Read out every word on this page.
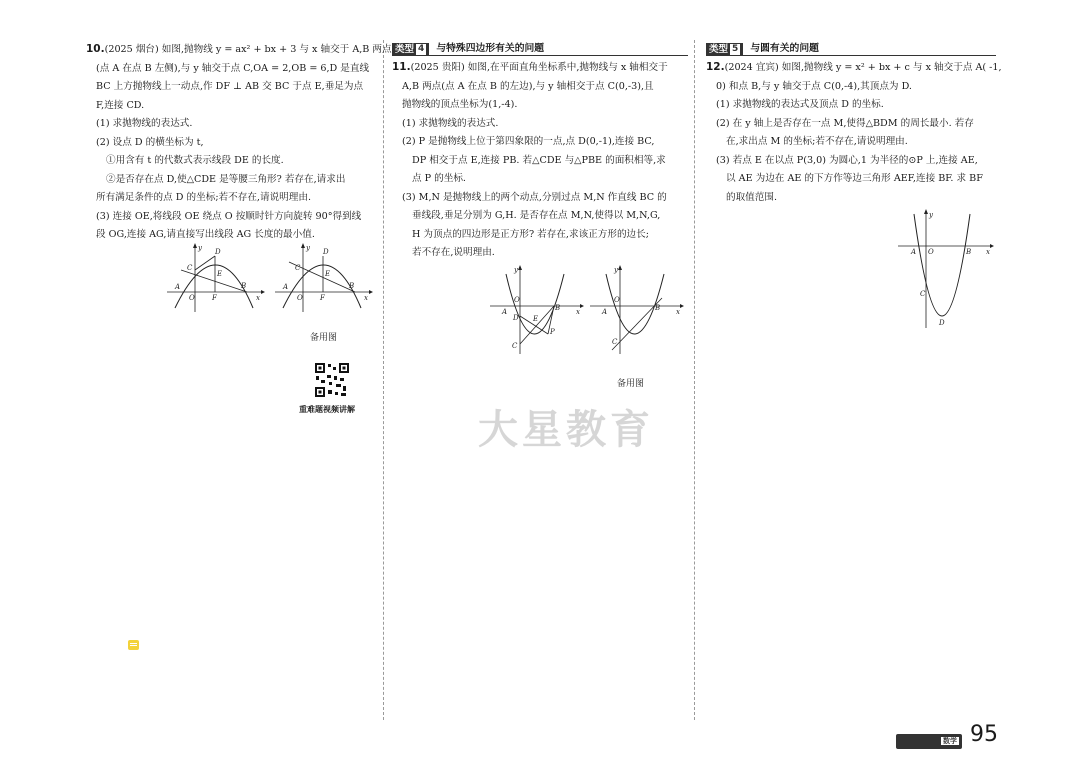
10.(2025 烟台) 如图,抛物线 y = ax² + bx + 3 与 x 轴交于 A,B 两点

(点 A 在点 B 左侧),与 y 轴交于点 C,OA = 2,OB = 6,D 是直线

BC 上方抛物线上一动点,作 DF ⊥ AB 交 BC 于点 E,垂足为点

F,连接 CD.

(1) 求抛物线的表达式.

(2) 设点 D 的横坐标为 t,

①用含有 t 的代数式表示线段 DE 的长度.

②是否存在点 D,使△CDE 是等腰三角形? 若存在,请求出

所有满足条件的点 D 的坐标;若不存在,请说明理由.

(3) 连接 OE,将线段 OE 绕点 O 按顺时针方向旋转 90°得到线

段 OG,连接 AG,请直接写出线段 AG 长度的最小值.

y
x
A
O
C
D
E
F
B
y
x
A
O
C
D
E
F
B
备用图
重难题视频讲解
类型 4 与特殊四边形有关的问题

11.(2025 贵阳) 如图,在平面直角坐标系中,抛物线与 x 轴相交于

A,B 两点(点 A 在点 B 的左边),与 y 轴相交于点 C(0,-3),且

抛物线的顶点坐标为(1,-4).

(1) 求抛物线的表达式.

(2) P 是抛物线上位于第四象限的一点,点 D(0,-1),连接 BC,

DP 相交于点 E,连接 PB. 若△CDE 与△PBE 的面积相等,求

点 P 的坐标.

(3) M,N 是抛物线上的两个动点,分别过点 M,N 作直线 BC 的

垂线段,垂足分别为 G,H. 是否存在点 M,N,使得以 M,N,G,

H 为顶点的四边形是正方形? 若存在,求该正方形的边长;

若不存在,说明理由.

y
x
A
O
B
D E
P
C
y
x
A
O
B
C
备用图
大星教育
类型 5 与圆有关的问题

12.(2024 宜宾) 如图,抛物线 y = x² + bx + c 与 x 轴交于点 A( -1,

0) 和点 B,与 y 轴交于点 C(0,-4),其顶点为 D.

(1) 求抛物线的表达式及顶点 D 的坐标.

(2) 在 y 轴上是否存在一点 M,使得△BDM 的周长最小. 若存

在,求出点 M 的坐标;若不存在,请说明理由.

(3) 若点 E 在以点 P(3,0) 为圆心,1 为半径的⊙P 上,连接 AE,

以 AE 为边在 AE 的下方作等边三角形 AEF,连接 BF. 求 BF

的取值范围.

y
x
A O	B
C
D
数学 95
